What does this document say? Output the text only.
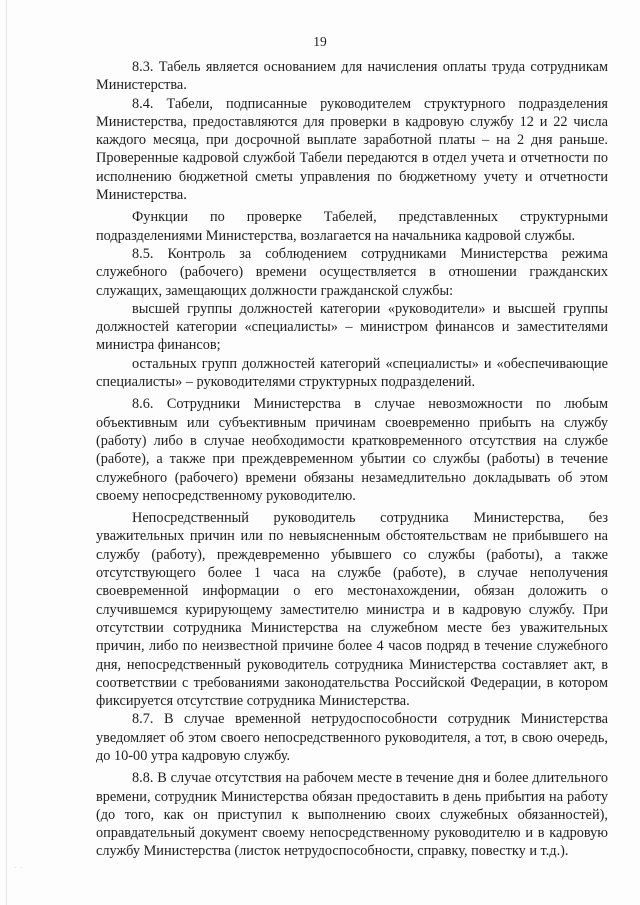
19

8.3. Табель является основанием для начисления оплаты труда сотрудникам Министерства.

8.4. Табели, подписанные руководителем структурного подразделения Министерства, предоставляются для проверки в кадровую службу 12 и 22 числа каждого месяца, при досрочной выплате заработной платы – на 2 дня раньше. Проверенные кадровой службой Табели передаются в отдел учета и отчетности по исполнению бюджетной сметы управления по бюджетному учету и отчетности Министерства.

Функции по проверке Табелей, представленных структурными подразделениями Министерства, возлагается на начальника кадровой службы.

8.5. Контроль за соблюдением сотрудниками Министерства режима служебного (рабочего) времени осуществляется в отношении гражданских служащих, замещающих должности гражданской службы:

высшей группы должностей категории «руководители» и высшей группы должностей категории «специалисты» – министром финансов и заместителями министра финансов;

остальных групп должностей категорий «специалисты» и «обеспечивающие специалисты» – руководителями структурных подразделений.

8.6. Сотрудники Министерства в случае невозможности по любым объективным или субъективным причинам своевременно прибыть на службу (работу) либо в случае необходимости кратковременного отсутствия на службе (работе), а также при преждевременном убытии со службы (работы) в течение служебного (рабочего) времени обязаны незамедлительно докладывать об этом своему непосредственному руководителю.

Непосредственный руководитель сотрудника Министерства, без уважительных причин или по невыясненным обстоятельствам не прибывшего на службу (работу), преждевременно убывшего со службы (работы), а также отсутствующего более 1 часа на службе (работе), в случае неполучения своевременной информации о его местонахождении, обязан доложить о случившемся курирующему заместителю министра и в кадровую службу. При отсутствии сотрудника Министерства на служебном месте без уважительных причин, либо по неизвестной причине более 4 часов подряд в течение служебного дня, непосредственный руководитель сотрудника Министерства составляет акт, в соответствии с требованиями законодательства Российской Федерации, в котором фиксируется отсутствие сотрудника Министерства.

8.7. В случае временной нетрудоспособности сотрудник Министерства уведомляет об этом своего непосредственного руководителя, а тот, в свою очередь, до 10-00 утра кадровую службу.

8.8. В случае отсутствия на рабочем месте в течение дня и более длительного времени, сотрудник Министерства обязан предоставить в день прибытия на работу (до того, как он приступил к выполнению своих служебных обязанностей), оправдательный документ своему непосредственному руководителю и в кадровую службу Министерства (листок нетрудоспособности, справку, повестку и т.д.).

· ·
